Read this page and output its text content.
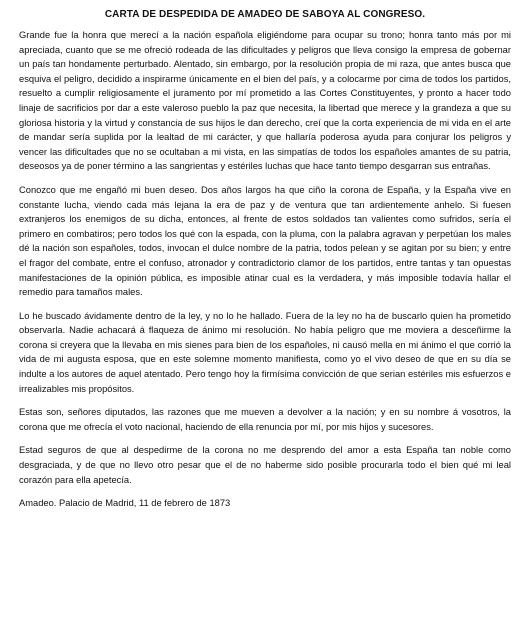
CARTA DE DESPEDIDA DE AMADEO DE SABOYA AL CONGRESO.

Grande fue la honra que merecí a la nación española eligiéndome para ocupar su trono; honra tanto más por mi apreciada, cuanto que se me ofreció rodeada de las dificultades y peligros que lleva consigo la empresa de gobernar un país tan hondamente perturbado. Alentado, sin embargo, por la resolución propia de mi raza, que antes busca que esquiva el peligro, decidido a inspirarme únicamente en el bien del país, y a colocarme por cima de todos los partidos, resuelto a cumplir religiosamente el juramento por mí prometido a las Cortes Constituyentes, y pronto a hacer todo linaje de sacrificios por dar a este valeroso pueblo la paz que necesita, la libertad que merece y la grandeza a que su gloriosa historia y la virtud y constancia de sus hijos le dan derecho, creí que la corta experiencia de mi vida en el arte de mandar sería suplida por la lealtad de mi carácter, y que hallaría poderosa ayuda para conjurar los peligros y vencer las dificultades que no se ocultaban a mi vista, en las simpatías de todos los españoles amantes de su patria, deseosos ya de poner término a las sangrientas y estériles luchas que hace tanto tiempo desgarran sus entrañas.

Conozco que me engañó mi buen deseo. Dos años largos ha que ciño la corona de España, y la España vive en constante lucha, viendo cada más lejana la era de paz y de ventura que tan ardientemente anhelo. Si fuesen extranjeros los enemigos de su dicha, entonces, al frente de estos soldados tan valientes como sufridos, sería el primero en combatiros; pero todos los qué con la espada, con la pluma, con la palabra agravan y perpetúan los males dé la nación son españoles, todos, invocan el dulce nombre de la patria, todos pelean y se agitan por su bien; y entre el fragor del combate, entre el confuso, atronador y contradictorio clamor de los partidos, entre tantas y tan opuestas manifestaciones de la opinión pública, es imposible atinar cual es la verdadera, y más imposible todavía hallar el remedio para tamaños males.

Lo he buscado ávidamente dentro de la ley, y no lo he hallado. Fuera de la ley no ha de buscarlo quien ha prometido observarla. Nadie achacará á flaqueza de ánimo mi resolución. No había peligro que me moviera a desceñirme la corona si creyera que la llevaba en mis sienes para bien de los españoles, ni causó mella en mi ánimo el que corrió la vida de mi augusta esposa, que en este solemne momento manifiesta, como yo el vivo deseo de que en su día se indulte a los autores de aquel atentado. Pero tengo hoy la firmísima convicción de que serian estériles mis esfuerzos e irrealizables mis propósitos.

Estas son, señores diputados, las razones que me mueven a devolver a la nación; y en su nombre á vosotros, la corona que me ofrecía el voto nacional, haciendo de ella renuncia por mí, por mis hijos y sucesores.

Estad seguros de que al despedirme de la corona no me desprendo del amor a esta España tan noble como desgraciada, y de que no llevo otro pesar que el de no haberme sido posible procurarla todo el bien qué mi leal corazón para ella apetecía.

Amadeo. Palacio de Madrid, 11 de febrero de 1873
